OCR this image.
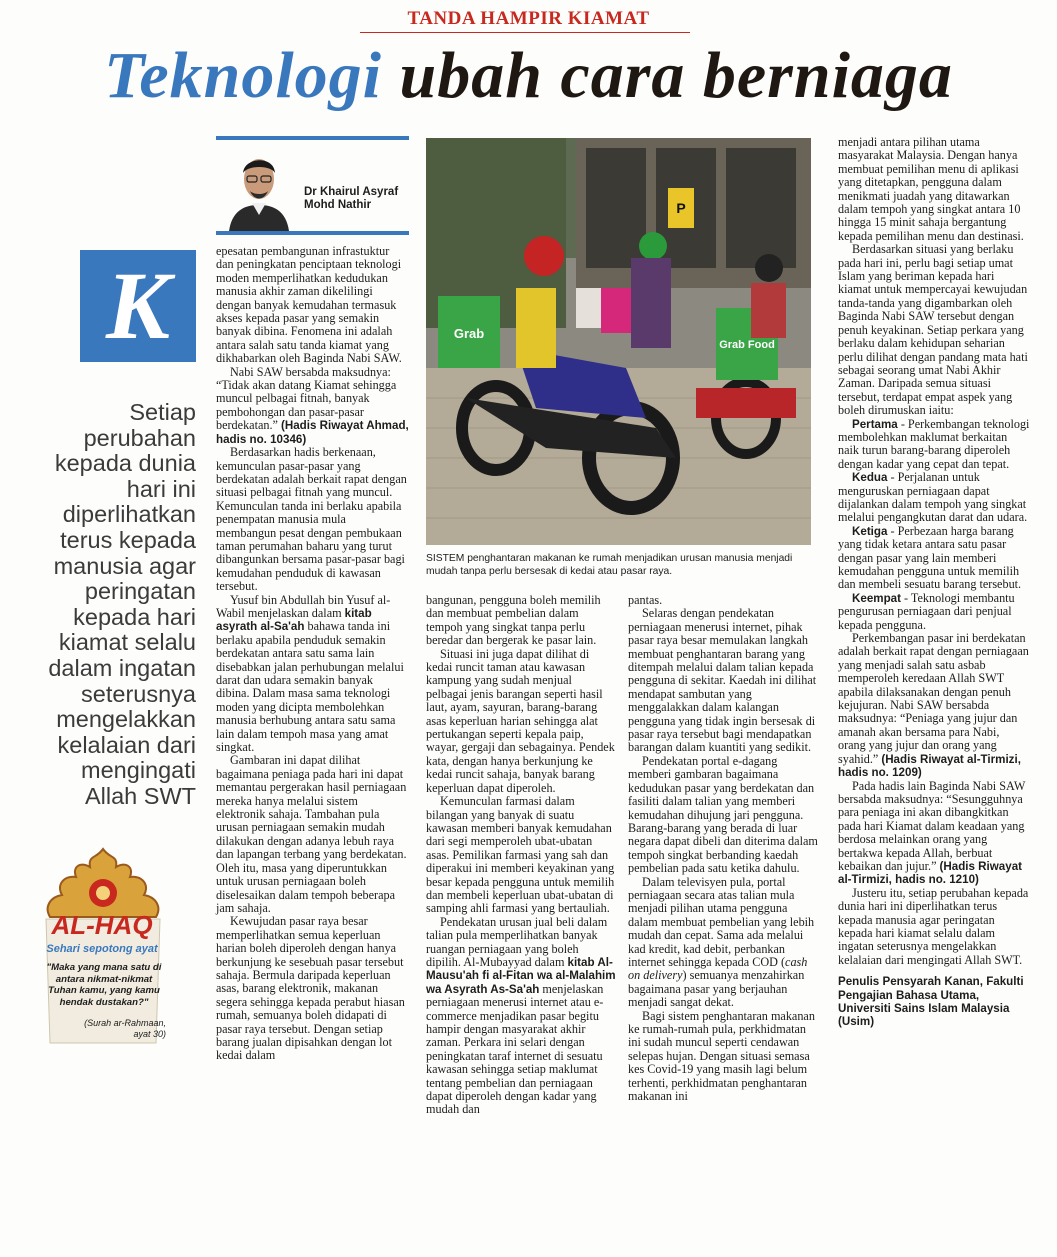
TANDA HAMPIR KIAMAT
Teknologi ubah cara berniaga
Dr Khairul Asyraf
Mohd Nathir
K
Setiap perubahan kepada dunia hari ini diperlihatkan terus kepada manusia agar peringatan kepada hari kiamat selalu dalam ingatan seterusnya mengelakkan kelalaian dari mengingati Allah SWT
P
Grab
Grab Food
SISTEM penghantaran makanan ke rumah menjadikan urusan manusia menjadi mudah tanpa perlu bersesak di kedai atau pasar raya.

epesatan pembangunan infrastuktur dan peningkatan penciptaan teknologi moden memperlihatkan kedudukan manusia akhir zaman dikelilingi dengan banyak kemudahan termasuk akses kepada pasar yang semakin banyak dibina. Fenomena ini adalah antara salah satu tanda kiamat yang dikhabarkan oleh Baginda Nabi SAW.

Nabi SAW bersabda maksudnya: “Tidak akan datang Kiamat sehingga muncul pelbagai fitnah, banyak pembohongan dan pasar-pasar berdekatan.” (Hadis Riwayat Ahmad, hadis no. 10346)

Berdasarkan hadis berkenaan, kemunculan pasar-pasar yang berdekatan adalah berkait rapat dengan situasi pelbagai fitnah yang muncul. Kemunculan tanda ini berlaku apabila penempatan manusia mula membangun pesat dengan pembukaan taman perumahan baharu yang turut dibangunkan bersama pasar-pasar bagi kemudahan penduduk di kawasan tersebut.

Yusuf bin Abdullah bin Yusuf al-Wabil menjelaskan dalam kitab asyrath al-Sa'ah bahawa tanda ini berlaku apabila penduduk semakin berdekatan antara satu sama lain disebabkan jalan perhubungan melalui darat dan udara semakin banyak dibina. Dalam masa sama teknologi moden yang dicipta membolehkan manusia berhubung antara satu sama lain dalam tempoh masa yang amat singkat.

Gambaran ini dapat dilihat bagaimana peniaga pada hari ini dapat memantau pergerakan hasil perniagaan mereka hanya melalui sistem elektronik sahaja. Tambahan pula urusan perniagaan semakin mudah dilakukan dengan adanya lebuh raya dan lapangan terbang yang berdekatan. Oleh itu, masa yang diperuntukkan untuk urusan perniagaan boleh diselesaikan dalam tempoh beberapa jam sahaja.

Kewujudan pasar raya besar memperlihatkan semua keperluan harian boleh diperoleh dengan hanya berkunjung ke sesebuah pasar tersebut sahaja. Bermula daripada keperluan asas, barang elektronik, makanan segera sehingga kepada perabut hiasan rumah, semuanya boleh didapati di pasar raya tersebut. Dengan setiap barang jualan dipisahkan dengan lot kedai dalam

bangunan, pengguna boleh memilih dan membuat pembelian dalam tempoh yang singkat tanpa perlu beredar dan bergerak ke pasar lain.

Situasi ini juga dapat dilihat di kedai runcit taman atau kawasan kampung yang sudah menjual pelbagai jenis barangan seperti hasil laut, ayam, sayuran, barang-barang asas keperluan harian sehingga alat pertukangan seperti kepala paip, wayar, gergaji dan sebagainya. Pendek kata, dengan hanya berkunjung ke kedai runcit sahaja, banyak barang keperluan dapat diperoleh.

Kemunculan farmasi dalam bilangan yang banyak di suatu kawasan memberi banyak kemudahan dari segi memperoleh ubat-ubatan asas. Pemilikan farmasi yang sah dan diperakui ini memberi keyakinan yang besar kepada pengguna untuk memilih dan membeli keperluan ubat-ubatan di samping ahli farmasi yang bertauliah.

Pendekatan urusan jual beli dalam talian pula memperlihatkan banyak ruangan perniagaan yang boleh dipilih. Al-Mubayyad dalam kitab Al-Mausu'ah fi al-Fitan wa al-Malahim wa Asyrath As-Sa'ah menjelaskan perniagaan menerusi internet atau e-commerce menjadikan pasar begitu hampir dengan masyarakat akhir zaman. Perkara ini selari dengan peningkatan taraf internet di sesuatu kawasan sehingga setiap maklumat tentang pembelian dan perniagaan dapat diperoleh dengan kadar yang mudah dan

pantas.

Selaras dengan pendekatan perniagaan menerusi internet, pihak pasar raya besar memulakan langkah membuat penghantaran barang yang ditempah melalui dalam talian kepada pengguna di sekitar. Kaedah ini dilihat mendapat sambutan yang menggalakkan dalam kalangan pengguna yang tidak ingin bersesak di pasar raya tersebut bagi mendapatkan barangan dalam kuantiti yang sedikit.

Pendekatan portal e-dagang memberi gambaran bagaimana kedudukan pasar yang berdekatan dan fasiliti dalam talian yang memberi kemudahan dihujung jari pengguna. Barang-barang yang berada di luar negara dapat dibeli dan diterima dalam tempoh singkat berbanding kaedah pembelian pada satu ketika dahulu.

Dalam televisyen pula, portal perniagaan secara atas talian mula menjadi pilihan utama pengguna dalam membuat pembelian yang lebih mudah dan cepat. Sama ada melalui kad kredit, kad debit, perbankan internet sehingga kepada COD (cash on delivery) semuanya menzahirkan bagaimana pasar yang berjauhan menjadi sangat dekat.

Bagi sistem penghantaran makanan ke rumah-rumah pula, perkhidmatan ini sudah muncul seperti cendawan selepas hujan. Dengan situasi semasa kes Covid-19 yang masih lagi belum terhenti, perkhidmatan penghantaran makanan ini

menjadi antara pilihan utama masyarakat Malaysia. Dengan hanya membuat pemilihan menu di aplikasi yang ditetapkan, pengguna dalam menikmati juadah yang ditawarkan dalam tempoh yang singkat antara 10 hingga 15 minit sahaja bergantung kepada pemilihan menu dan destinasi.

Berdasarkan situasi yang berlaku pada hari ini, perlu bagi setiap umat Islam yang beriman kepada hari kiamat untuk mempercayai kewujudan tanda-tanda yang digambarkan oleh Baginda Nabi SAW tersebut dengan penuh keyakinan. Setiap perkara yang berlaku dalam kehidupan seharian perlu dilihat dengan pandang mata hati sebagai seorang umat Nabi Akhir Zaman. Daripada semua situasi tersebut, terdapat empat aspek yang boleh dirumuskan iaitu:

Pertama - Perkembangan teknologi membolehkan maklumat berkaitan naik turun barang-barang diperoleh dengan kadar yang cepat dan tepat.

Kedua - Perjalanan untuk menguruskan perniagaan dapat dijalankan dalam tempoh yang singkat melalui pengangkutan darat dan udara.

Ketiga - Perbezaan harga barang yang tidak ketara antara satu pasar dengan pasar yang lain memberi kemudahan pengguna untuk memilih dan membeli sesuatu barang tersebut.

Keempat - Teknologi membantu pengurusan perniagaan dari penjual kepada pengguna.

Perkembangan pasar ini berdekatan adalah berkait rapat dengan perniagaan yang menjadi salah satu asbab memperoleh keredaan Allah SWT apabila dilaksanakan dengan penuh kejujuran. Nabi SAW bersabda maksudnya: “Peniaga yang jujur dan amanah akan bersama para Nabi, orang yang jujur dan orang yang syahid.” (Hadis Riwayat al-Tirmizi, hadis no. 1209)

Pada hadis lain Baginda Nabi SAW bersabda maksudnya: “Sesungguhnya para peniaga ini akan dibangkitkan pada hari Kiamat dalam keadaan yang berdosa melainkan orang yang bertakwa kepada Allah, berbuat kebaikan dan jujur.” (Hadis Riwayat al-Tirmizi, hadis no. 1210)

Justeru itu, setiap perubahan kepada dunia hari ini diperlihatkan terus kepada manusia agar peringatan kepada hari kiamat selalu dalam ingatan seterusnya mengelakkan kelalaian dari mengingati Allah SWT.

Penulis Pensyarah Kanan, Fakulti Pengajian Bahasa Utama, Universiti Sains Islam Malaysia (Usim)

AL-HAQ
Sehari sepotong ayat
"Maka yang mana satu di antara nikmat-nikmat Tuhan kamu, yang kamu hendak dustakan?"
(Surah ar-Rahmaan,
ayat 30)
